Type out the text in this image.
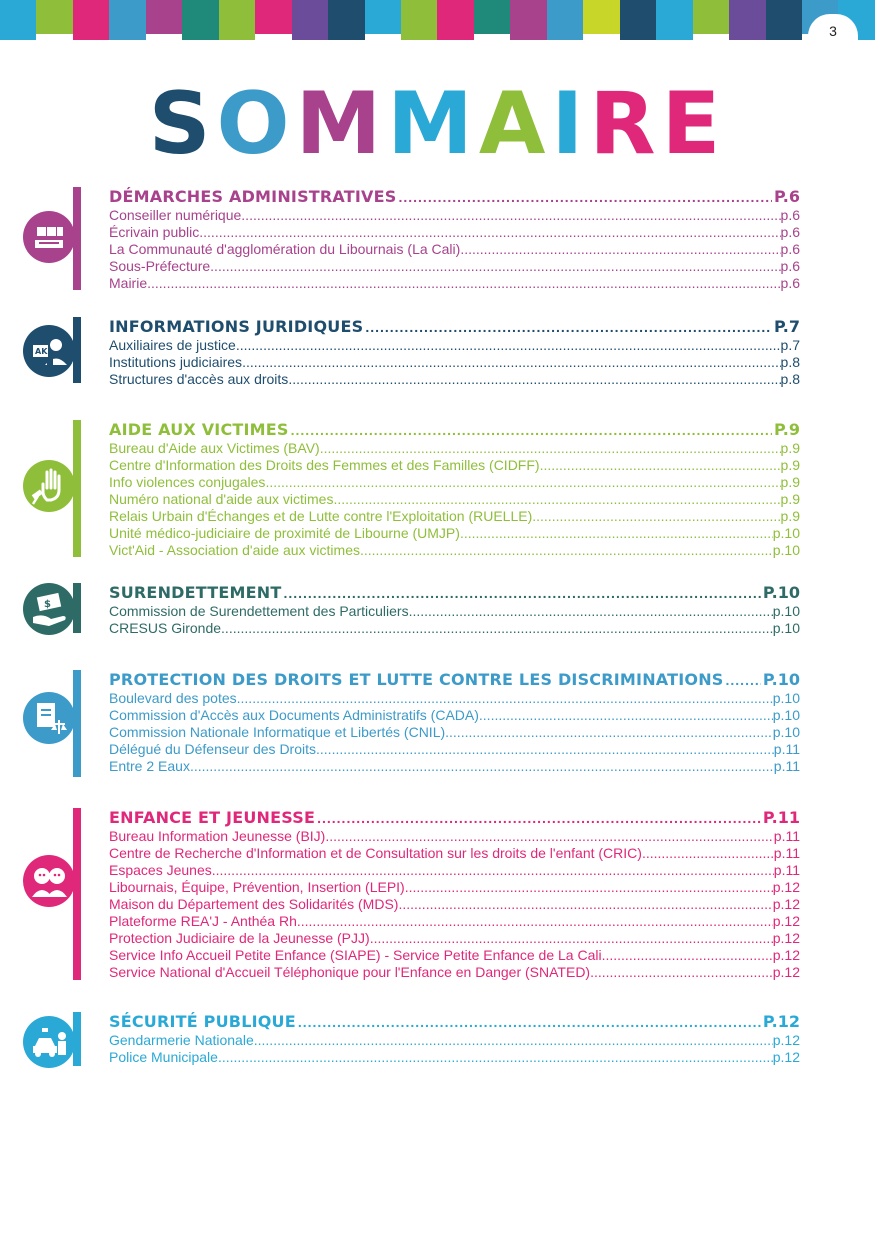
3
SOMMAIRE
DÉMARCHES ADMINISTRATIVES .....	P.6
Conseiller numérique .....	p.6
Écrivain public .....	p.6
La Communauté d'agglomération du Libournais (La Cali) .....	p.6
Sous-Préfecture .....	p.6
Mairie .....	p.6
AK
INFORMATIONS JURIDIQUES .....	P.7
Auxiliaires de justice .....	p.7
Institutions judiciaires .....	p.8
Structures d'accès aux droits .....	p.8
AIDE AUX VICTIMES .....	P.9
Bureau d'Aide aux Victimes (BAV) .....	p.9
Centre d'Information des Droits des Femmes et des Familles (CIDFF) .....	p.9
Info violences conjugales .....	p.9
Numéro national d'aide aux victimes .....	p.9
Relais Urbain d'Échanges et de Lutte contre l'Exploitation (RUELLE) .....	p.9
Unité médico-judiciaire de proximité de Libourne (UMJP) .....	p.10
Vict'Aid - Association d'aide aux victimes .....	p.10
$
SURENDETTEMENT .....	P.10
Commission de Surendettement des Particuliers .....	p.10
CRESUS Gironde .....	p.10
PROTECTION DES DROITS ET LUTTE CONTRE LES DISCRIMINATIONS ..... P.10
Boulevard des potes .....	p.10
Commission d'Accès aux Documents Administratifs (CADA) .....	p.10
Commission Nationale Informatique et Libertés (CNIL) .....	p.10
Délégué du Défenseur des Droits .....	p.11
Entre 2 Eaux .....	p.11
ENFANCE ET JEUNESSE .....	P.11
Bureau Information Jeunesse (BIJ) .....	p.11
Centre de Recherche d'Information et de Consultation sur les droits de l'enfant (CRIC) .....	p.11
Espaces Jeunes .....	p.11
Libournais, Équipe, Prévention, Insertion (LEPI) .....	p.12
Maison du Département des Solidarités (MDS) .....	p.12
Plateforme REA'J - Anthéa Rh .....	p.12
Protection Judiciaire de la Jeunesse (PJJ) .....	p.12
Service Info Accueil Petite Enfance (SIAPE) - Service Petite Enfance de La Cali .....	p.12
Service National d'Accueil Téléphonique pour l'Enfance en Danger (SNATED) .....	p.12
SÉCURITÉ PUBLIQUE .....	P.12
Gendarmerie Nationale .....	p.12
Police Municipale .....	p.12
